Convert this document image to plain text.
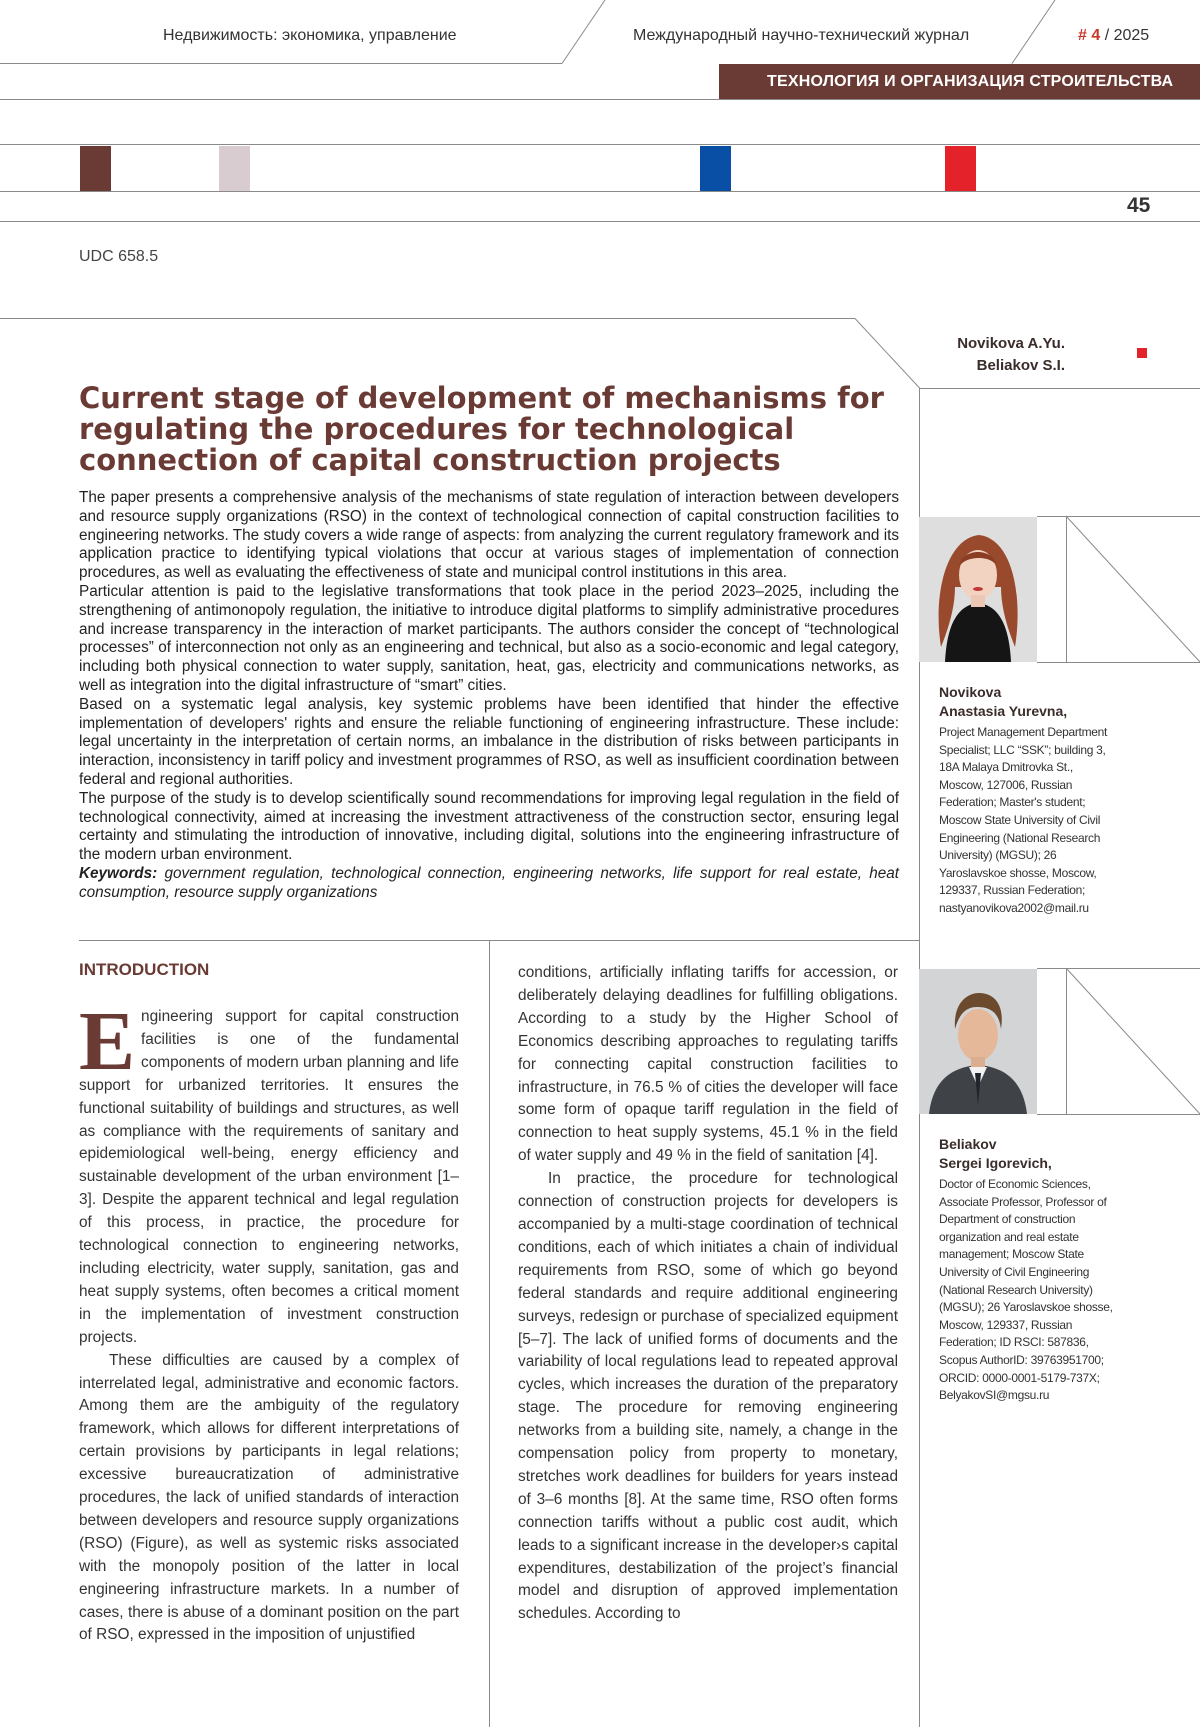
Недвижимость: экономика, управление	Международный научно-технический журнал	# 4 / 2025
ТЕХНОЛОГИЯ И ОРГАНИЗАЦИЯ СТРОИТЕЛЬСТВА
45
UDC 658.5
Novikova A.Yu.
Beliakov S.I.
Current stage of development of mechanisms for regulating the procedures for technological connection of capital construction projects

The paper presents a comprehensive analysis of the mechanisms of state regulation of interaction between developers and resource supply organizations (RSO) in the context of technological connection of capital construction facilities to engineering networks. The study covers a wide range of aspects: from analyzing the current regulatory framework and its application practice to identifying typical violations that occur at various stages of implementation of connection procedures, as well as evaluating the effectiveness of state and municipal control institutions in this area.

Particular attention is paid to the legislative transformations that took place in the period 2023–2025, including the strengthening of antimonopoly regulation, the initiative to introduce digital platforms to simplify administrative procedures and increase transparency in the interaction of market participants. The authors consider the concept of “technological processes” of interconnection not only as an engineering and technical, but also as a socio-economic and legal category, including both physical connection to water supply, sanitation, heat, gas, electricity and communications networks, as well as integration into the digital infrastructure of “smart” cities.

Based on a systematic legal analysis, key systemic problems have been identified that hinder the effective implementation of developers' rights and ensure the reliable functioning of engineering infrastructure. These include: legal uncertainty in the interpretation of certain norms, an imbalance in the distribution of risks between participants in interaction, inconsistency in tariff policy and investment programmes of RSO, as well as insufficient coordination between federal and regional authorities.

The purpose of the study is to develop scientifically sound recommendations for improving legal regulation in the field of technological connectivity, aimed at increasing the investment attractiveness of the construction sector, ensuring legal certainty and stimulating the introduction of innovative, including digital, solutions into the engineering infrastructure of the modern urban environment.

Keywords: government regulation, technological connection, engineering networks, life support for real estate, heat consumption, resource supply organizations

INTRODUCTION

Engineering support for capital construction facilities is one of the fundamental components of modern urban planning and life support for urbanized territories. It ensures the functional suitability of buildings and structures, as well as compliance with the requirements of sanitary and epidemiological well-being, energy efficiency and sustainable development of the urban environment [1–3]. Despite the apparent technical and legal regulation of this process, in practice, the procedure for technological connection to engineering networks, including electricity, water supply, sanitation, gas and heat supply systems, often becomes a critical moment in the implementation of investment construction projects.

These difficulties are caused by a complex of interrelated legal, administrative and economic factors. Among them are the ambiguity of the regulatory framework, which allows for different interpretations of certain provisions by participants in legal relations; excessive bureaucratization of administrative procedures, the lack of unified standards of interaction between developers and resource supply organizations (RSO) (Figure), as well as systemic risks associated with the monopoly position of the latter in local engineering infrastructure markets. In a number of cases, there is abuse of a dominant position on the part of RSO, expressed in the imposition of unjustified

conditions, artificially inflating tariffs for accession, or deliberately delaying deadlines for fulfilling obligations. According to a study by the Higher School of Economics describing approaches to regulating tariffs for connecting capital construction facilities to infrastructure, in 76.5 % of cities the developer will face some form of opaque tariff regulation in the field of connection to heat supply systems, 45.1 % in the field of water supply and 49 % in the field of sanitation [4].

In practice, the procedure for technological connection of construction projects for developers is accompanied by a multi-stage coordination of technical conditions, each of which initiates a chain of individual requirements from RSO, some of which go beyond federal standards and require additional engineering surveys, redesign or purchase of specialized equipment [5–7]. The lack of unified forms of documents and the variability of local regulations lead to repeated approval cycles, which increases the duration of the preparatory stage. The procedure for removing engineering networks from a building site, namely, a change in the compensation policy from property to monetary, stretches work deadlines for builders for years instead of 3–6 months [8]. At the same time, RSO often forms connection tariffs without a public cost audit, which leads to a significant increase in the developer›s capital expenditures, destabilization of the project’s financial model and disruption of approved implementation schedules. According to

Novikova
Anastasia Yurevna,
Project Management Department Specialist; LLC “SSK”; building 3, 18A Malaya Dmitrovka St., Moscow, 127006, Russian Federation; Master's student; Moscow State University of Civil Engineering (National Research University) (MGSU); 26 Yaroslavskoe shosse, Moscow, 129337, Russian Federation; nastyanovikova2002@mail.ru
Beliakov
Sergei Igorevich,
Doctor of Economic Sciences, Associate Professor, Professor of Department of construction organization and real estate management; Moscow State University of Civil Engineering (National Research University) (MGSU); 26 Yaroslavskoe shosse, Moscow, 129337, Russian Federation; ID RSCI: 587836, Scopus AuthorID: 39763951700; ORCID: 0000-0001-5179-737X; BelyakovSI@mgsu.ru
